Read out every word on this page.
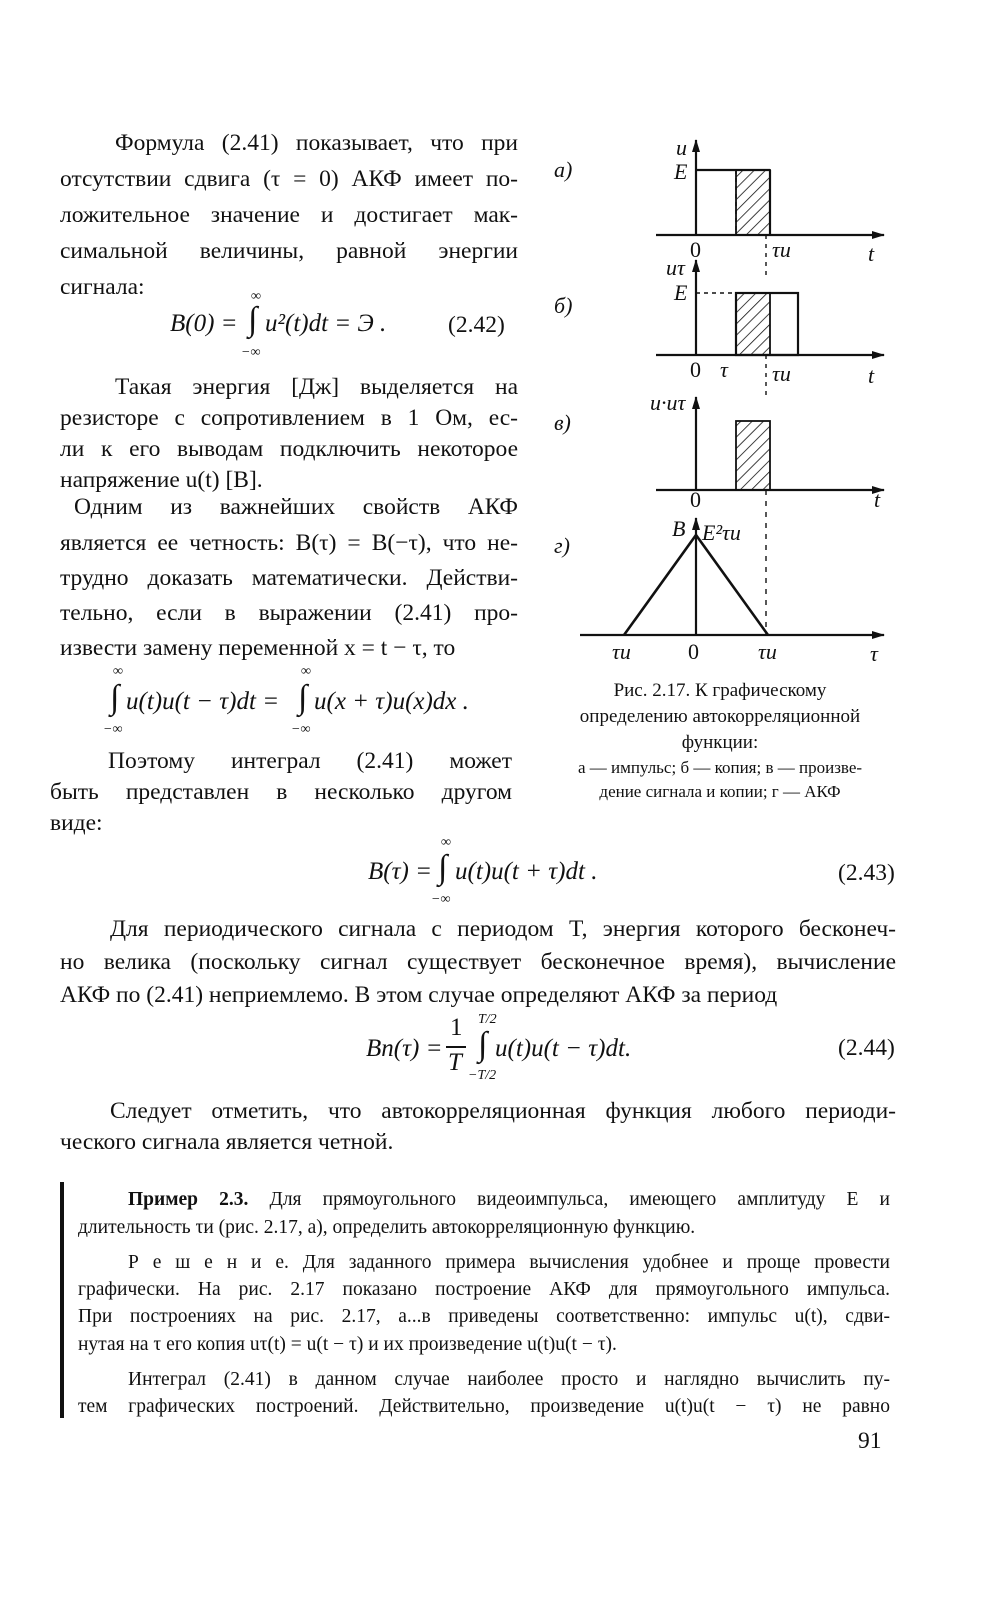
Формула (2.41) показывает, что при
отсутствии сдвига (τ = 0) АКФ имеет по-
ложительное значение и достигает мак-
симальной величины, равной энергии
сигнала:
B(0) = ∫
∞
−∞
u²(t)dt = Э .	(2.42)
Такая энергия [Дж] выделяется на
резисторе с сопротивлением в 1 Ом, ес-
ли к его выводам подключить некоторое
напряжение u(t) [В].
Одним из важнейших свойств АКФ
является ее четность: B(τ) = B(−τ), что не-
трудно доказать математически. Действи-
тельно, если в выражении (2.41) про-
извести замену переменной x = t − τ, то
∫
∞
−∞
u(t)u(t − τ)dt = ∫
∞
−∞
u(x + τ)u(x)dx .
Поэтому интеграл (2.41) может
быть представлен в несколько другом
виде:
а)
б)
в)
г)
u
E
0	τи	t
uτ
E
0 τ τи	t
u·uτ
0	t
B E²τи
τи	0	τи	τ
Рис. 2.17. К графическому
определению автокорреляционной
функции:
а — импульс; б — копия; в — произве-
дение сигнала и копии; г — АКФ
B(τ) = ∫
∞
−∞
u(t)u(t + τ)dt .	(2.43)
Для периодического сигнала с периодом T, энергия которого бесконеч-
но велика (поскольку сигнал существует бесконечное время), вычисление
АКФ по (2.41) неприемлемо. В этом случае определяют АКФ за период
Bп(τ) =
1
T ∫
T/2
−T/2
u(t)u(t − τ)dt.	(2.44)
Следует отметить, что автокорреляционная функция любого периоди-
ческого сигнала является четной.
Пример 2.3. Для прямоугольного видеоимпульса, имеющего амплитуду E и
длительность τи (рис. 2.17, а), определить автокорреляционную функцию.
Р е ш е н и е. Для заданного примера вычисления удобнее и проще провести
графически. На рис. 2.17 показано построение АКФ для прямоугольного импульса.
При построениях на рис. 2.17, а...в приведены соответственно: импульс u(t), сдви-
нутая на τ его копия uτ(t) = u(t − τ) и их произведение u(t)u(t − τ).
Интеграл (2.41) в данном случае наиболее просто и наглядно вычислить пу-
тем графических построений. Действительно, произведение u(t)u(t − τ) не равно
91
